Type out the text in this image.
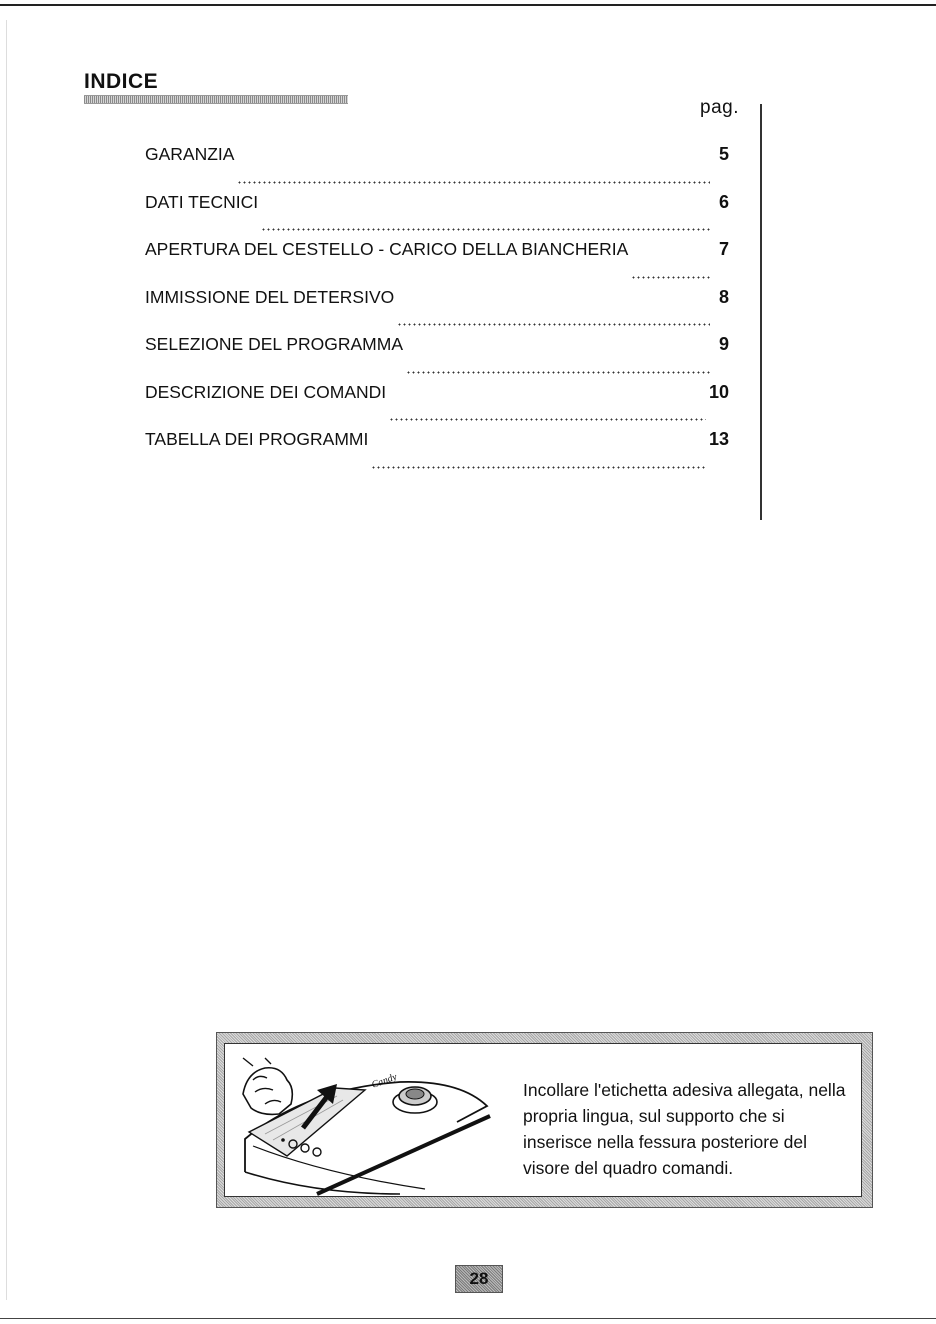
INDICE
pag.
GARANZIA	5
DATI TECNICI	6
APERTURA DEL CESTELLO - CARICO DELLA BIANCHERIA	7
IMMISSIONE DEL DETERSIVO	8
SELEZIONE DEL PROGRAMMA	9
DESCRIZIONE DEI COMANDI	10
TABELLA DEI PROGRAMMI	13
Candy	Incollare l'etichetta adesiva allegata, nella propria lingua, sul supporto che si inserisce nella fessura posteriore del visore del quadro comandi.

28
